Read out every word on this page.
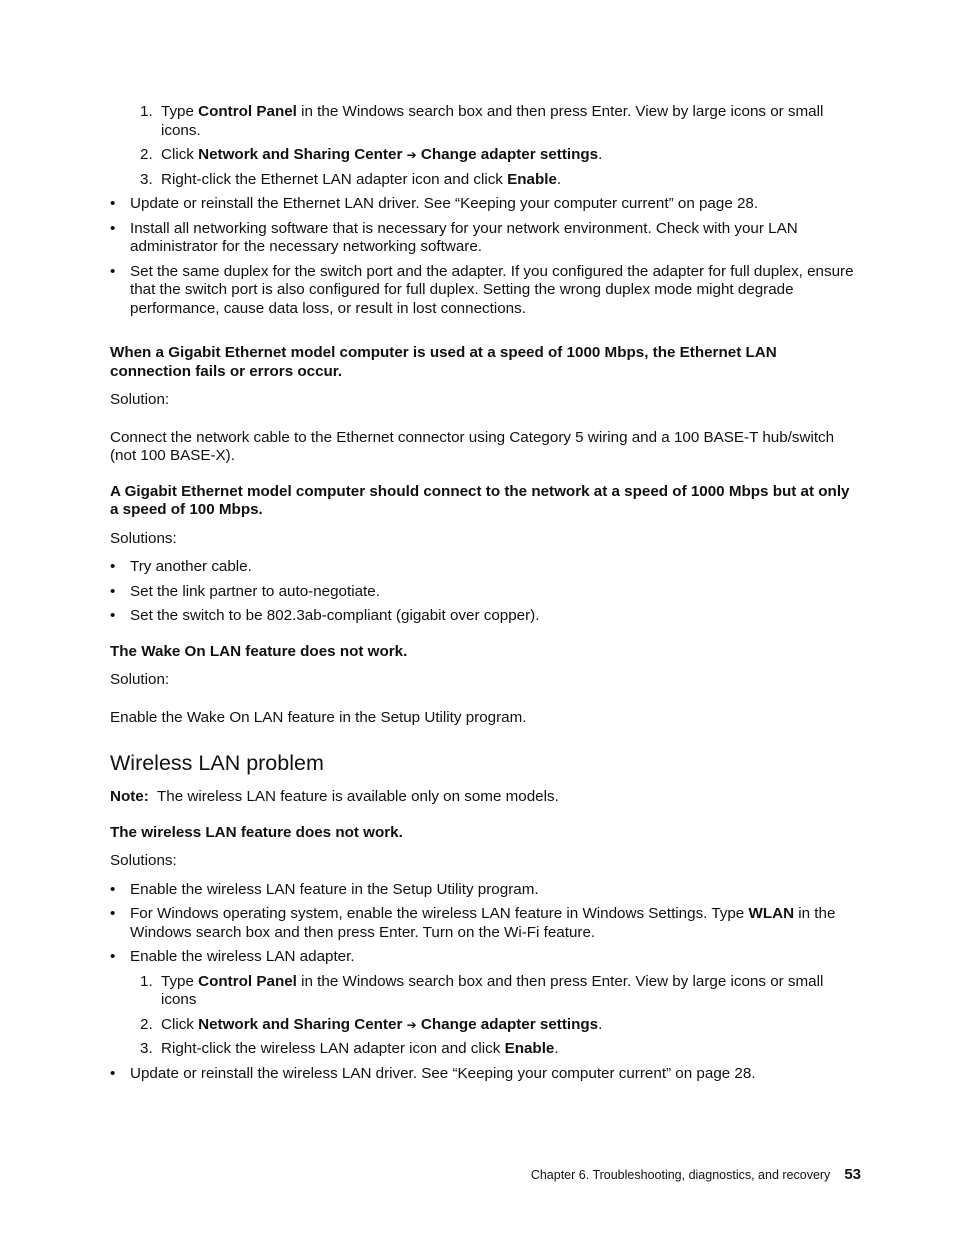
1. Type Control Panel in the Windows search box and then press Enter. View by large icons or small icons.
2. Click Network and Sharing Center ➔ Change adapter settings.
3. Right-click the Ethernet LAN adapter icon and click Enable.
• Update or reinstall the Ethernet LAN driver. See “Keeping your computer current” on page 28.
• Install all networking software that is necessary for your network environment. Check with your LAN administrator for the necessary networking software.
• Set the same duplex for the switch port and the adapter. If you configured the adapter for full duplex, ensure that the switch port is also configured for full duplex. Setting the wrong duplex mode might degrade performance, cause data loss, or result in lost connections.
When a Gigabit Ethernet model computer is used at a speed of 1000 Mbps, the Ethernet LAN connection fails or errors occur.
Solution:
Connect the network cable to the Ethernet connector using Category 5 wiring and a 100 BASE-T hub/switch (not 100 BASE-X).
A Gigabit Ethernet model computer should connect to the network at a speed of 1000 Mbps but at only a speed of 100 Mbps.
Solutions:
• Try another cable.
• Set the link partner to auto-negotiate.
• Set the switch to be 802.3ab-compliant (gigabit over copper).
The Wake On LAN feature does not work.
Solution:
Enable the Wake On LAN feature in the Setup Utility program.
Wireless LAN problem
Note: The wireless LAN feature is available only on some models.
The wireless LAN feature does not work.
Solutions:
• Enable the wireless LAN feature in the Setup Utility program.
• For Windows operating system, enable the wireless LAN feature in Windows Settings. Type WLAN in the Windows search box and then press Enter. Turn on the Wi-Fi feature.
• Enable the wireless LAN adapter.
1. Type Control Panel in the Windows search box and then press Enter. View by large icons or small icons
2. Click Network and Sharing Center ➔ Change adapter settings.
3. Right-click the wireless LAN adapter icon and click Enable.
• Update or reinstall the wireless LAN driver. See “Keeping your computer current” on page 28.
Chapter 6. Troubleshooting, diagnostics, and recovery 53
